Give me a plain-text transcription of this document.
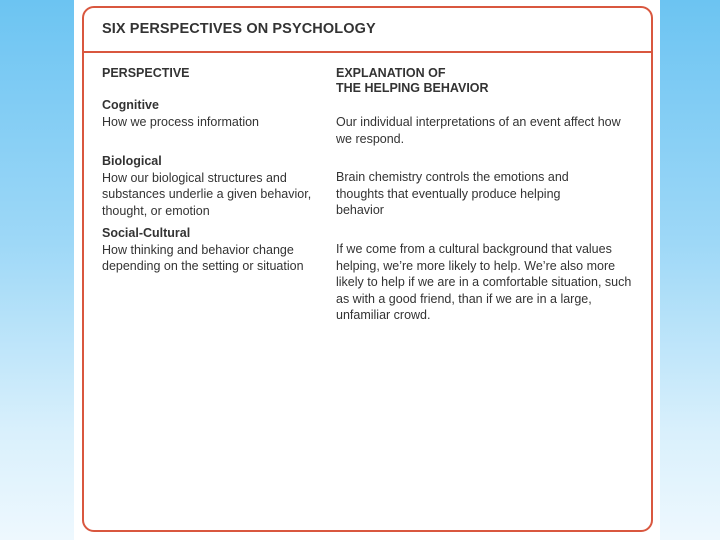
SIX PERSPECTIVES ON PSYCHOLOGY
PERSPECTIVE	EXPLANATION OF
THE HELPING BEHAVIOR
Cognitive
How we process information	Our individual interpretations of an event affect how we respond.
Biological
How our biological structures and substances underlie a given behavior, thought, or emotion
Brain chemistry controls the emotions and thoughts that eventually produce helping behavior
Social-Cultural
How thinking and behavior change depending on the setting or situation
If we come from a cultural background that values helping, we’re more likely to help. We’re also more likely to help if we are in a comfortable situation, such as with a good friend, than if we are in a large, unfamiliar crowd.
